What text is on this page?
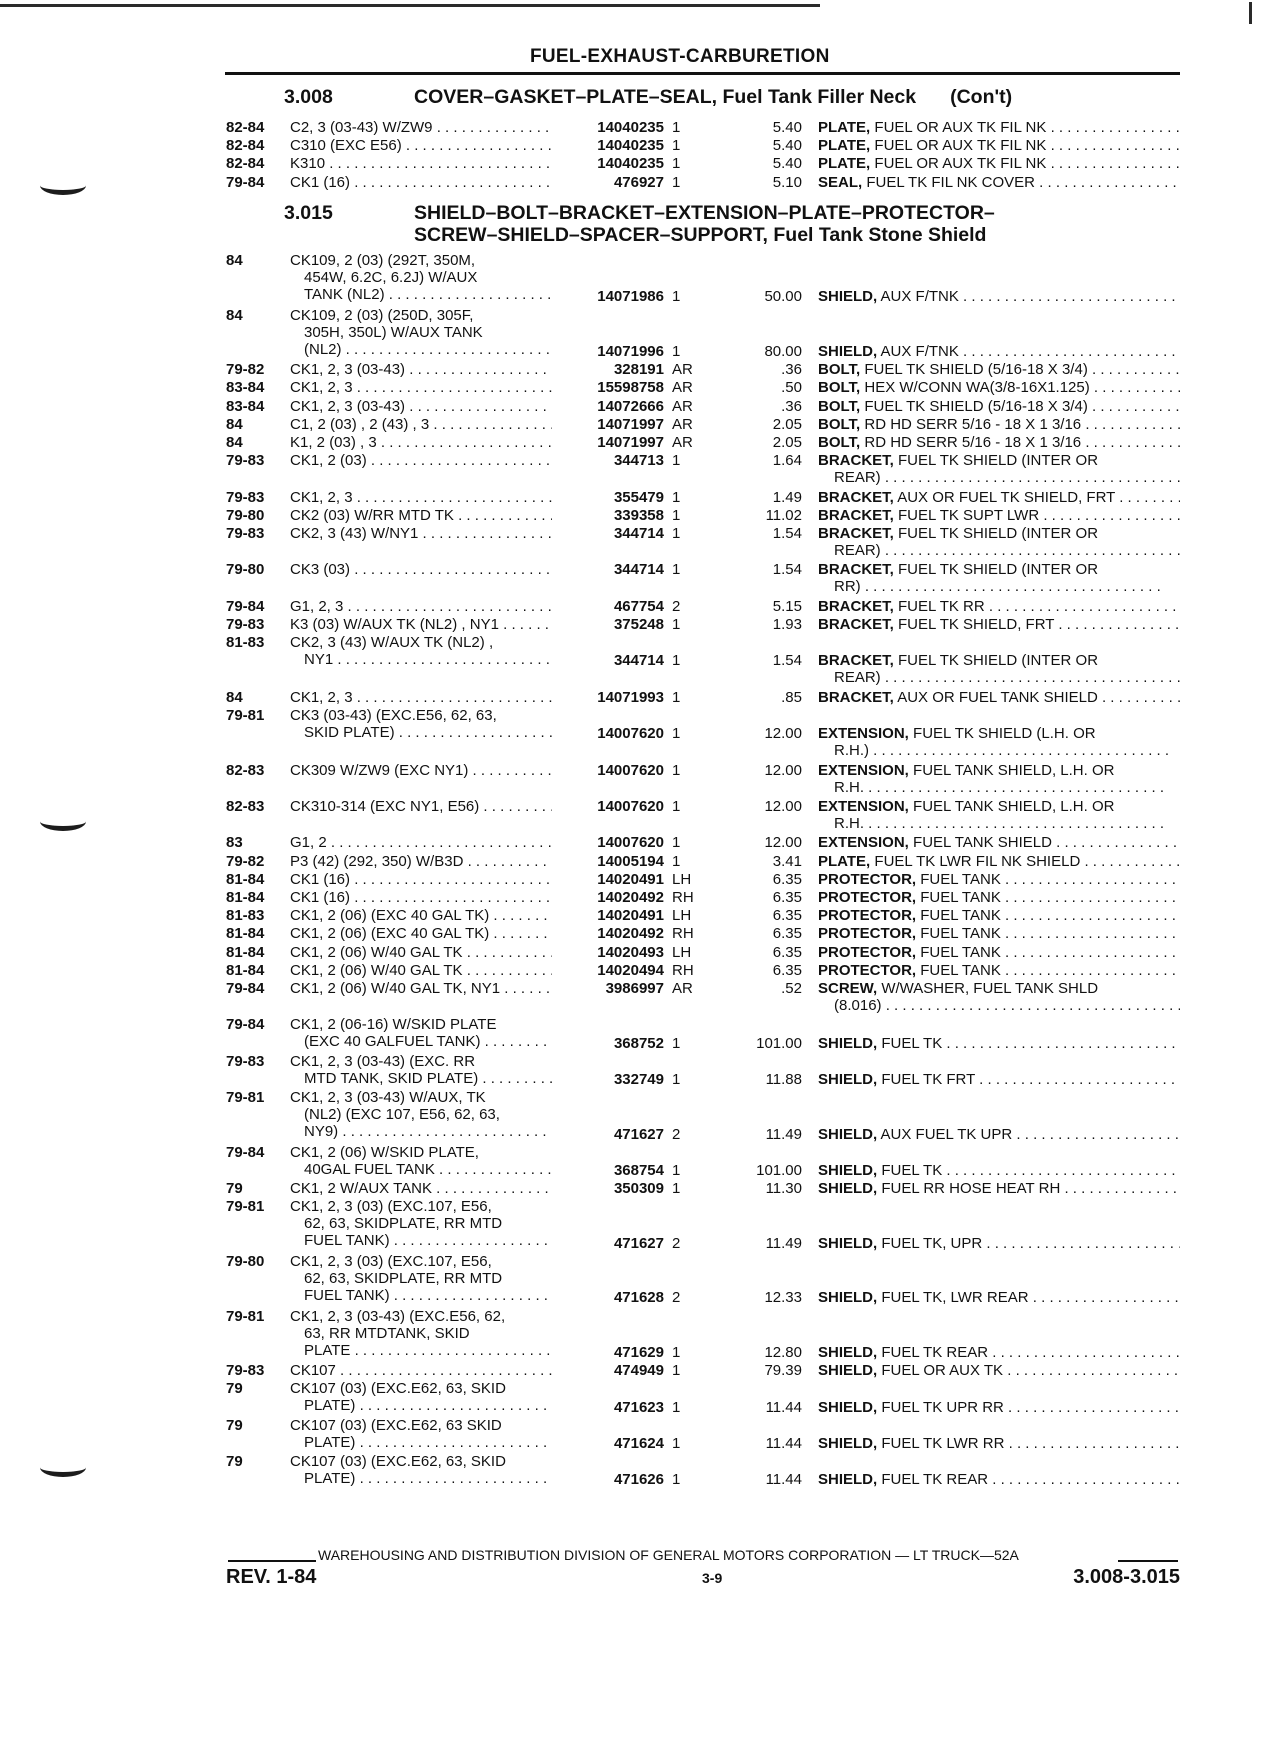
FUEL-EXHAUST-CARBURETION
3.008	COVER–GASKET–PLATE–SEAL, Fuel Tank Filler Neck (Con't)
3.015	SHIELD–BOLT–BRACKET–EXTENSION–PLATE–PROTECTOR–
SCREW–SHIELD–SPACER–SUPPORT, Fuel Tank Stone Shield
82-84 C2, 3 (03-43) W/ZW9 . . .	14040235 1	5.40 PLATE, FUEL OR AUX TK FIL NK . . .
82-84 C310 (EXC E56) . . .	14040235 1	5.40 PLATE, FUEL OR AUX TK FIL NK . . .
82-84 K310 . . .	14040235 1	5.40 PLATE, FUEL OR AUX TK FIL NK . . .
79-84 CK1 (16) . . .	476927 1	5.10 SEAL, FUEL TK FIL NK COVER . . .
84	CK109, 2 (03) (292T, 350M,
454W, 6.2C, 6.2J) W/AUX
TANK (NL2) . . .	14071986 1	50.00 SHIELD, AUX F/TNK . . .
84	CK109, 2 (03) (250D, 305F,
305H, 350L) W/AUX TANK
(NL2) . . .	14071996 1	80.00 SHIELD, AUX F/TNK . . .
79-82 CK1, 2, 3 (03-43) . . .	328191 AR	.36 BOLT, FUEL TK SHIELD (5/16-18 X 3/4) . . .
83-84 CK1, 2, 3 . . .	15598758 AR	.50 BOLT, HEX W/CONN WA(3/8-16X1.125) . . .
83-84 CK1, 2, 3 (03-43) . . .	14072666 AR	.36 BOLT, FUEL TK SHIELD (5/16-18 X 3/4) . . .
84	C1, 2 (03) , 2 (43) , 3 . . .	14071997 AR	2.05 BOLT, RD HD SERR 5/16 - 18 X 1 3/16 . . .
84	K1, 2 (03) , 3 . . .	14071997 AR	2.05 BOLT, RD HD SERR 5/16 - 18 X 1 3/16 . . .
79-83 CK1, 2 (03) . . .	344713 1	1.64 BRACKET, FUEL TK SHIELD (INTER OR
REAR) . . .
79-83 CK1, 2, 3 . . .	355479 1	1.49 BRACKET, AUX OR FUEL TK SHIELD, FRT . . .
79-80 CK2 (03) W/RR MTD TK . . .	339358 1	11.02 BRACKET, FUEL TK SUPT LWR . . .
79-83 CK2, 3 (43) W/NY1 . . .	344714 1	1.54 BRACKET, FUEL TK SHIELD (INTER OR
REAR) . . .
79-80 CK3 (03) . . .	344714 1	1.54 BRACKET, FUEL TK SHIELD (INTER OR
RR) . . .
79-84 G1, 2, 3 . . .	467754 2	5.15 BRACKET, FUEL TK RR . . .
79-83 K3 (03) W/AUX TK (NL2) , NY1 . . .	375248 1	1.93 BRACKET, FUEL TK SHIELD, FRT . . .
81-83 CK2, 3 (43) W/AUX TK (NL2) ,
NY1 . . .	344714 1	1.54 BRACKET, FUEL TK SHIELD (INTER OR
REAR) . . .
84	CK1, 2, 3 . . .	14071993 1	.85 BRACKET, AUX OR FUEL TANK SHIELD . . .
79-81 CK3 (03-43) (EXC.E56, 62, 63,
SKID PLATE) . . .	14007620 1	12.00 EXTENSION, FUEL TK SHIELD (L.H. OR
R.H.) . . .
82-83 CK309 W/ZW9 (EXC NY1) . . .	14007620 1	12.00 EXTENSION, FUEL TANK SHIELD, L.H. OR
R.H. . . .
82-83 CK310-314 (EXC NY1, E56) . . .	14007620 1	12.00 EXTENSION, FUEL TANK SHIELD, L.H. OR
R.H. . . .
83	G1, 2 . . .	14007620 1	12.00 EXTENSION, FUEL TANK SHIELD . . .
79-82 P3 (42) (292, 350) W/B3D . . .	14005194 1	3.41 PLATE, FUEL TK LWR FIL NK SHIELD . . .
81-84 CK1 (16) . . .	14020491 LH	6.35 PROTECTOR, FUEL TANK . . .
81-84 CK1 (16) . . .	14020492 RH	6.35 PROTECTOR, FUEL TANK . . .
81-83 CK1, 2 (06) (EXC 40 GAL TK) . . .	14020491 LH	6.35 PROTECTOR, FUEL TANK . . .
81-84 CK1, 2 (06) (EXC 40 GAL TK) . . .	14020492 RH	6.35 PROTECTOR, FUEL TANK . . .
81-84 CK1, 2 (06) W/40 GAL TK . . .	14020493 LH	6.35 PROTECTOR, FUEL TANK . . .
81-84 CK1, 2 (06) W/40 GAL TK . . .	14020494 RH	6.35 PROTECTOR, FUEL TANK . . .
79-84 CK1, 2 (06) W/40 GAL TK, NY1 . . .	3986997 AR	.52 SCREW, W/WASHER, FUEL TANK SHLD
(8.016) . . .
79-84 CK1, 2 (06-16) W/SKID PLATE
(EXC 40 GALFUEL TANK) . . .	368752 1	101.00 SHIELD, FUEL TK . . .
79-83 CK1, 2, 3 (03-43) (EXC. RR
MTD TANK, SKID PLATE) . . .	332749 1	11.88 SHIELD, FUEL TK FRT . . .
79-81 CK1, 2, 3 (03-43) W/AUX, TK
(NL2) (EXC 107, E56, 62, 63,
NY9) . . .	471627 2	11.49 SHIELD, AUX FUEL TK UPR . . .
79-84 CK1, 2 (06) W/SKID PLATE,
40GAL FUEL TANK . . .	368754 1	101.00 SHIELD, FUEL TK . . .
79	CK1, 2 W/AUX TANK . . .	350309 1	11.30 SHIELD, FUEL RR HOSE HEAT RH . . .
79-81 CK1, 2, 3 (03) (EXC.107, E56,
62, 63, SKIDPLATE, RR MTD
FUEL TANK) . . .	471627 2	11.49 SHIELD, FUEL TK, UPR . . .
79-80 CK1, 2, 3 (03) (EXC.107, E56,
62, 63, SKIDPLATE, RR MTD
FUEL TANK) . . .	471628 2	12.33 SHIELD, FUEL TK, LWR REAR . . .
79-81 CK1, 2, 3 (03-43) (EXC.E56, 62,
63, RR MTDTANK, SKID
PLATE . . .	471629 1	12.80 SHIELD, FUEL TK REAR . . .
79-83 CK107 . . .	474949 1	79.39 SHIELD, FUEL OR AUX TK . . .
79	CK107 (03) (EXC.E62, 63, SKID
PLATE) . . .	471623 1	11.44 SHIELD, FUEL TK UPR RR . . .
79	CK107 (03) (EXC.E62, 63 SKID
PLATE) . . .	471624 1	11.44 SHIELD, FUEL TK LWR RR . . .
79	CK107 (03) (EXC.E62, 63, SKID
PLATE) . . .	471626 1	11.44 SHIELD, FUEL TK REAR . . .
WAREHOUSING AND DISTRIBUTION DIVISION OF GENERAL MOTORS CORPORATION — LT TRUCK—52A
REV. 1-84	3-9	3.008-3.015
